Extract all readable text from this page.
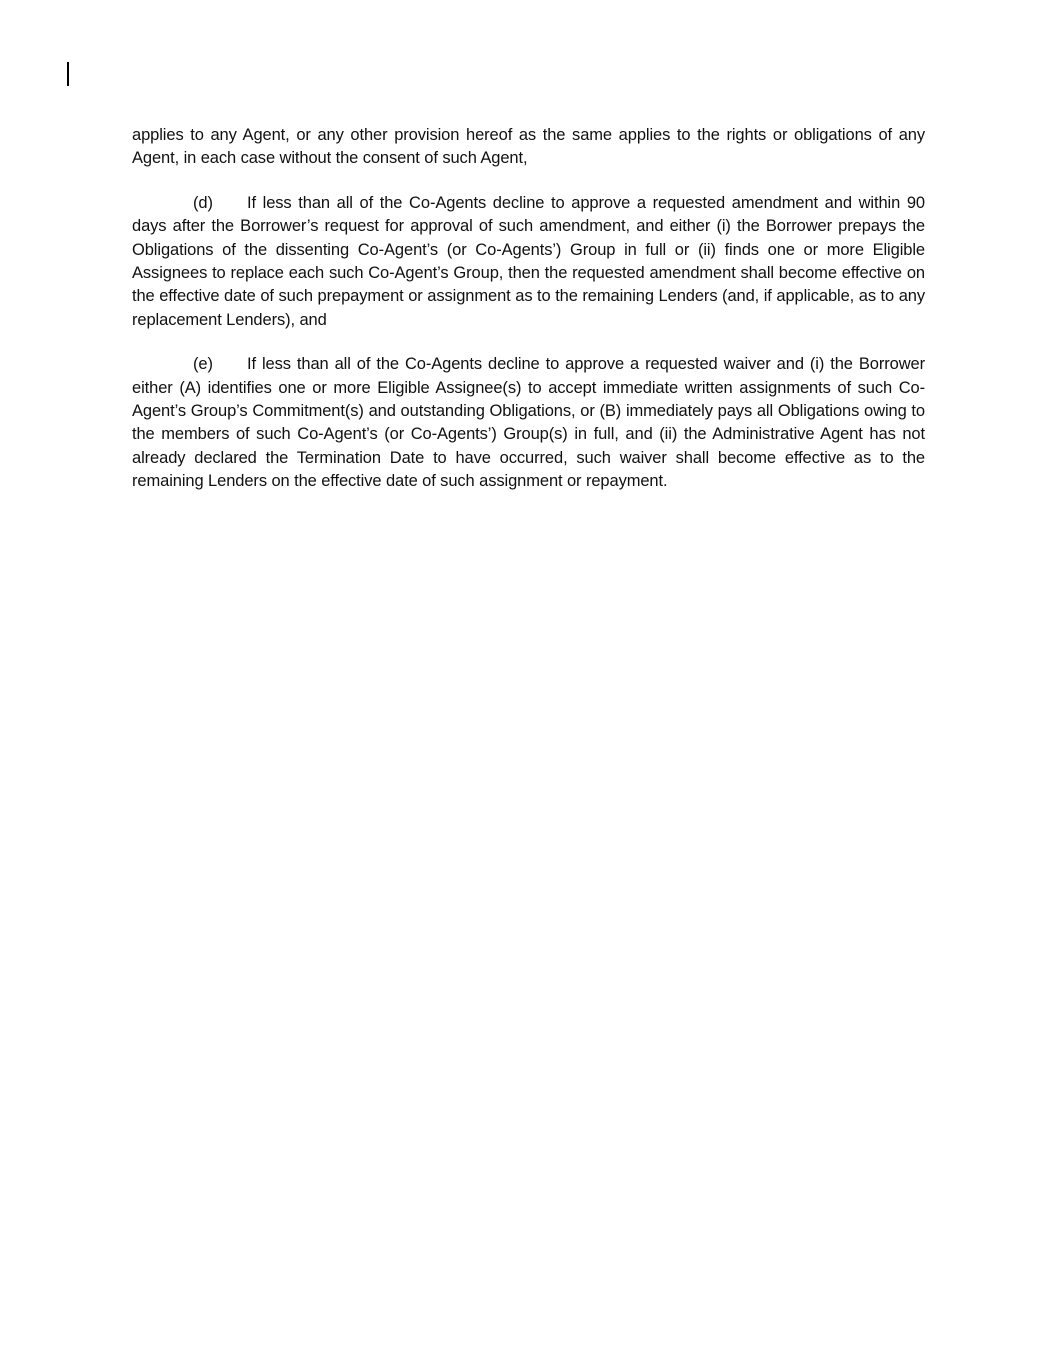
applies to any Agent, or any other provision hereof as the same applies to the rights or obligations of any Agent, in each case without the consent of such Agent,

(d) If less than all of the Co-Agents decline to approve a requested amendment and within 90 days after the Borrower’s request for approval of such amendment, and either (i) the Borrower prepays the Obligations of the dissenting Co-Agent’s (or Co-Agents’) Group in full or (ii) finds one or more Eligible Assignees to replace each such Co-Agent’s Group, then the requested amendment shall become effective on the effective date of such prepayment or assignment as to the remaining Lenders (and, if applicable, as to any replacement Lenders), and

(e) If less than all of the Co-Agents decline to approve a requested waiver and (i) the Borrower either (A) identifies one or more Eligible Assignee(s) to accept immediate written assignments of such Co-Agent’s Group’s Commitment(s) and outstanding Obligations, or (B) immediately pays all Obligations owing to the members of such Co-Agent’s (or Co-Agents’) Group(s) in full, and (ii) the Administrative Agent has not already declared the Termination Date to have occurred, such waiver shall become effective as to the remaining Lenders on the effective date of such assignment or repayment.
